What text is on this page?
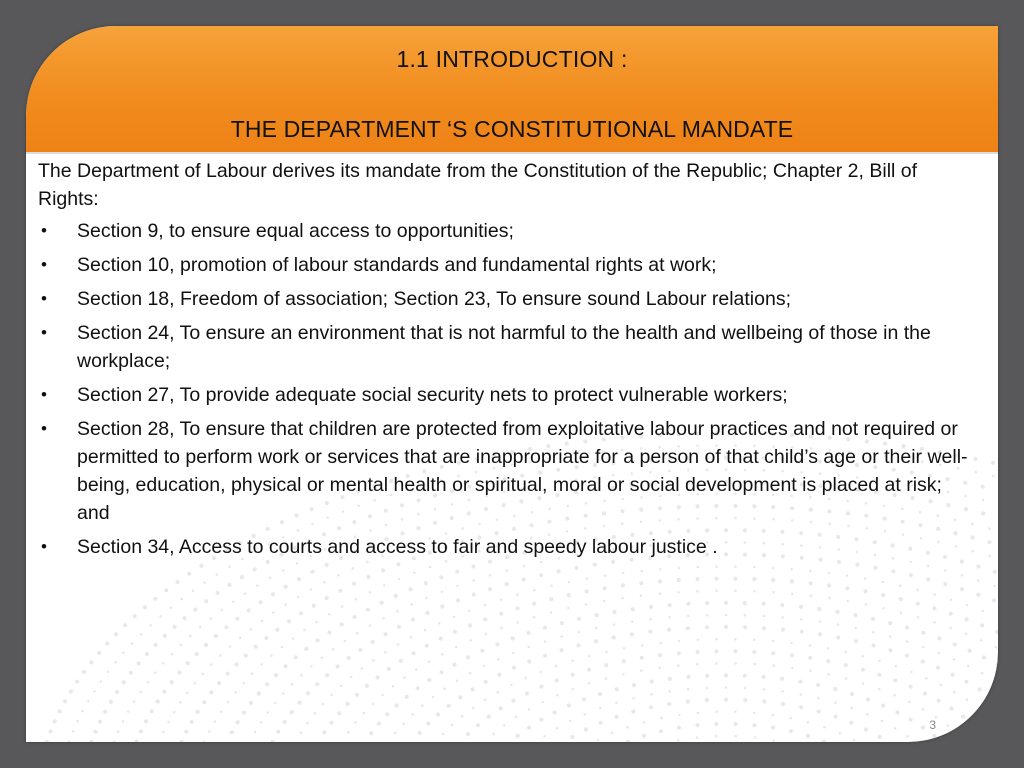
1.1 INTRODUCTION :
THE DEPARTMENT ‘S CONSTITUTIONAL MANDATE

The Department of Labour derives its mandate from the Constitution of the Republic; Chapter 2, Bill of Rights:

• Section 9, to ensure equal access to opportunities;
• Section 10, promotion of labour standards and fundamental rights at work;
• Section 18, Freedom of association; Section 23, To ensure sound Labour relations;
• Section 24, To ensure an environment that is not harmful to the health and wellbeing of those in the workplace;
• Section 27, To provide adequate social security nets to protect vulnerable workers;
• Section 28, To ensure that children are protected from exploitative labour practices and not required or permitted to perform work or services that are inappropriate for a person of that child’s age or their well-being, education, physical or mental health or spiritual, moral or social development is placed at risk; and
• Section 34, Access to courts and access to fair and speedy labour justice .
3
